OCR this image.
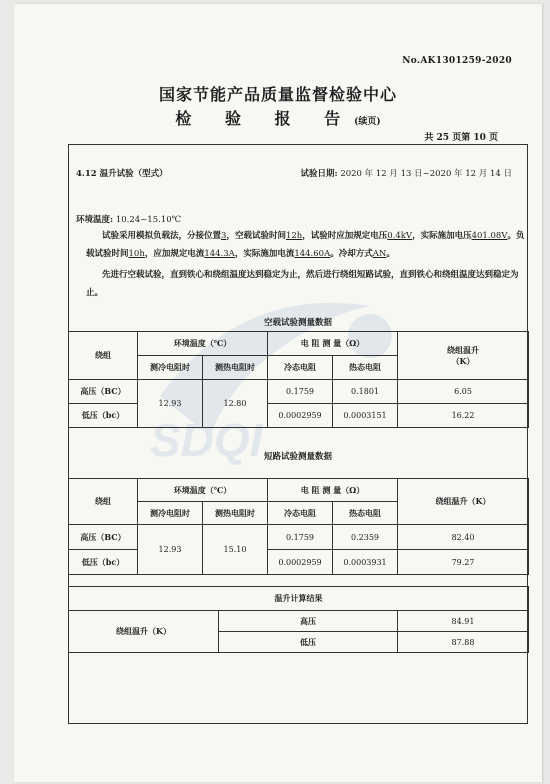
No.AK1301259-2020
国家节能产品质量监督检验中心
检 验 报 告(续页)
共 25 页第 10 页
SDQI
4.12 温升试验（型式）	试验日期: 2020 年 12 月 13 日~2020 年 12 月 14 日
环境温度: 10.24~15.10℃
试验采用模拟负载法，分接位置3，空载试验时间12h，试验时应加规定电压0.4kV，实际施加电压401.08V。负载试验时间10h，应加规定电流144.3A，实际施加电流144.60A。冷却方式AN。
先进行空载试验，直到铁心和绕组温度达到稳定为止，然后进行绕组短路试验，直到铁心和绕组温度达到稳定为止。
空载试验测量数据
绕组	环境温度（℃）		电 阻 测 量（Ω）		绕组温升
（K）

	测冷电阻时	测热电阻时	冷态电阻	热态电阻	
高压（BC）	12.93	12.80	0.1759	0.1801	6.05
低压（bc）			0.0002959	0.0003151	16.22
短路试验测量数据
绕组	环境温度（℃）		电 阻 测 量（Ω）		绕组温升（K）
	测冷电阻时	测热电阻时	冷态电阻	热态电阻	
高压（BC）	12.93	15.10	0.1759	0.2359	82.40
低压（bc）			0.0002959	0.0003931	79.27
温升计算结果		
绕组温升（K）	高压	84.91
	低压	87.88
